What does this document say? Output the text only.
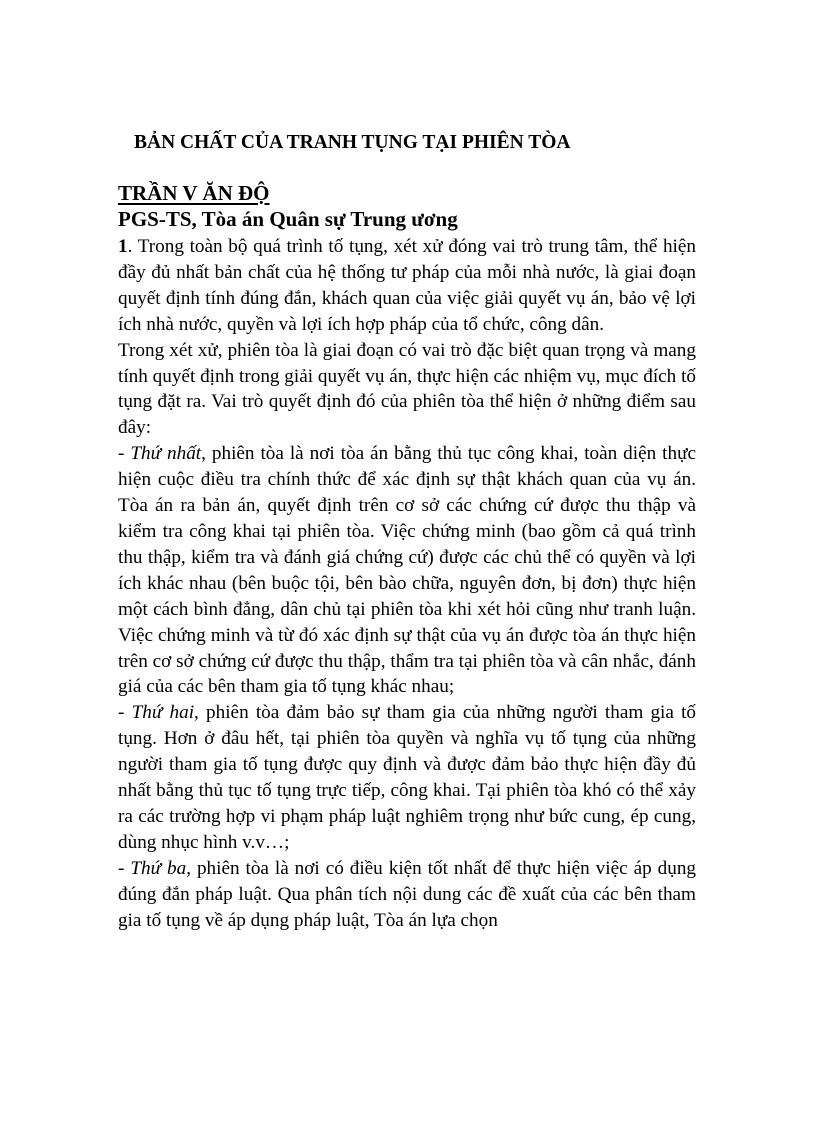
BẢN CHẤT CỦA TRANH TỤNG TẠI PHIÊN TÒA
TRẦN V ĂN ĐỘ
PGS-TS, Tòa án Quân sự Trung ương

1. Trong toàn bộ quá trình tố tụng, xét xử đóng vai trò trung tâm, thể hiện đầy đủ nhất bản chất của hệ thống tư pháp của mỗi nhà nước, là giai đoạn quyết định tính đúng đắn, khách quan của việc giải quyết vụ án, bảo vệ lợi ích nhà nước, quyền và lợi ích hợp pháp của tổ chức, công dân.

Trong xét xử, phiên tòa là giai đoạn có vai trò đặc biệt quan trọng và mang tính quyết định trong giải quyết vụ án, thực hiện các nhiệm vụ, mục đích tố tụng đặt ra. Vai trò quyết định đó của phiên tòa thể hiện ở những điểm sau đây:

- Thứ nhất, phiên tòa là nơi tòa án bằng thủ tục công khai, toàn diện thực hiện cuộc điều tra chính thức để xác định sự thật khách quan của vụ án. Tòa án ra bản án, quyết định trên cơ sở các chứng cứ được thu thập và kiểm tra công khai tại phiên tòa. Việc chứng minh (bao gồm cả quá trình thu thập, kiểm tra và đánh giá chứng cứ) được các chủ thể có quyền và lợi ích khác nhau (bên buộc tội, bên bào chữa, nguyên đơn, bị đơn) thực hiện một cách bình đẳng, dân chủ tại phiên tòa khi xét hỏi cũng như tranh luận. Việc chứng minh và từ đó xác định sự thật của vụ án được tòa án thực hiện trên cơ sở chứng cứ được thu thập, thẩm tra tại phiên tòa và cân nhắc, đánh giá của các bên tham gia tố tụng khác nhau;

- Thứ hai, phiên tòa đảm bảo sự tham gia của những người tham gia tố tụng. Hơn ở đâu hết, tại phiên tòa quyền và nghĩa vụ tố tụng của những người tham gia tố tụng được quy định và được đảm bảo thực hiện đầy đủ nhất bằng thủ tục tố tụng trực tiếp, công khai. Tại phiên tòa khó có thể xảy ra các trường hợp vi phạm pháp luật nghiêm trọng như bức cung, ép cung, dùng nhục hình v.v…;

- Thứ ba, phiên tòa là nơi có điều kiện tốt nhất để thực hiện việc áp dụng đúng đắn pháp luật. Qua phân tích nội dung các đề xuất của các bên tham gia tố tụng về áp dụng pháp luật, Tòa án lựa chọn
